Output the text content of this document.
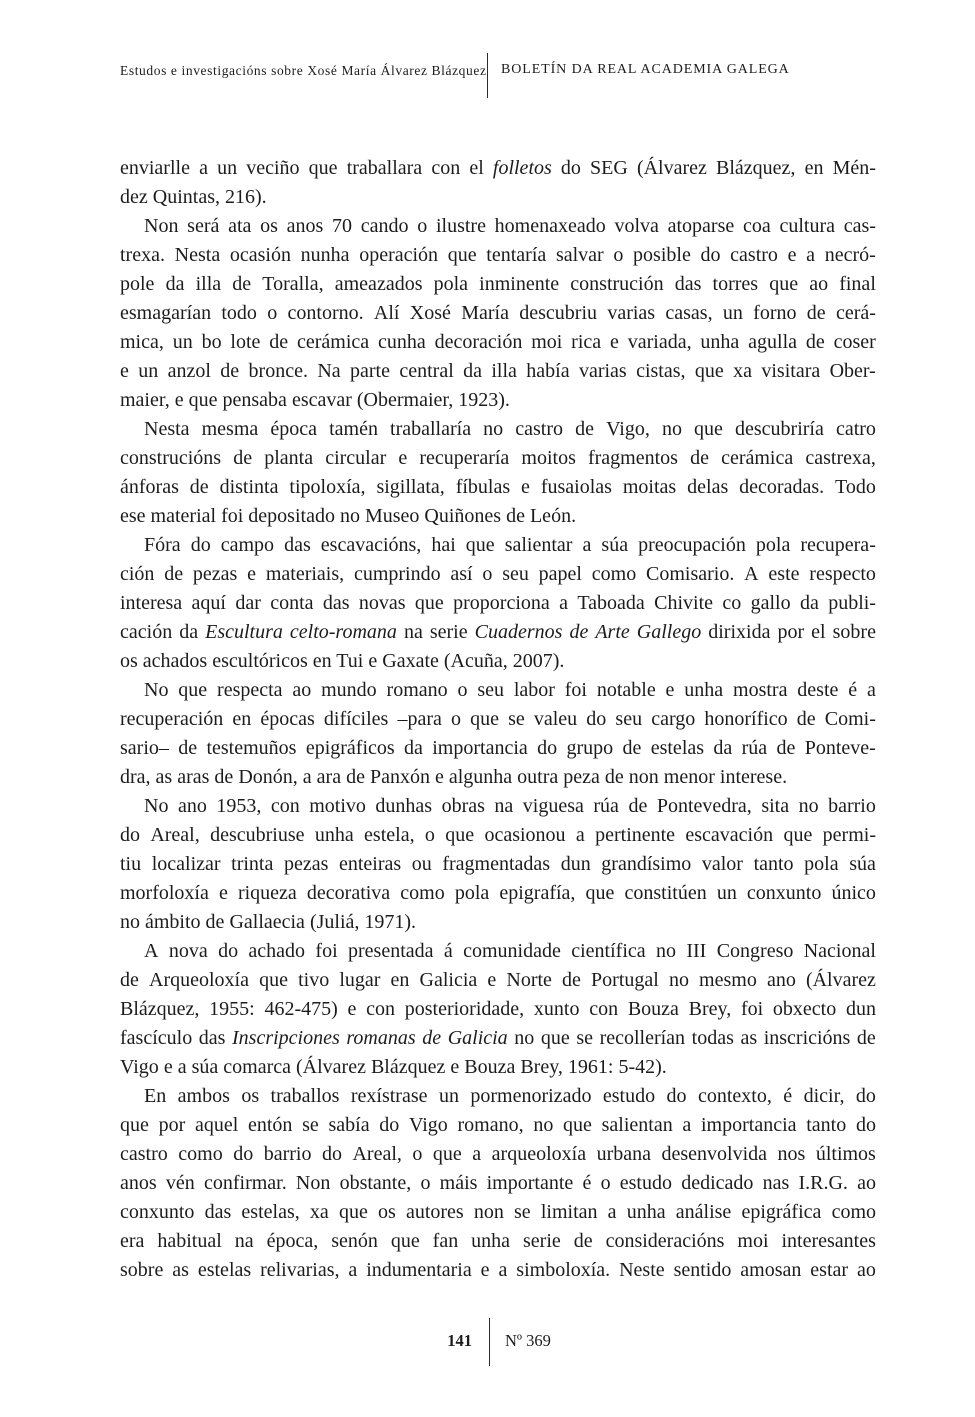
Estudos e investigacións sobre Xosé María Álvarez Blázquez BOLETÍN DA REAL ACADEMIA GALEGA
enviarlle a un veciño que traballara con el folletos do SEG (Álvarez Blázquez, en Mén-
dez Quintas, 216).
Non será ata os anos 70 cando o ilustre homenaxeado volva atoparse coa cultura cas-
trexa. Nesta ocasión nunha operación que tentaría salvar o posible do castro e a necró-
pole da illa de Toralla, ameazados pola inminente construción das torres que ao final
esmagarían todo o contorno. Alí Xosé María descubriu varias casas, un forno de cerá-
mica, un bo lote de cerámica cunha decoración moi rica e variada, unha agulla de coser
e un anzol de bronce. Na parte central da illa había varias cistas, que xa visitara Ober-
maier, e que pensaba escavar (Obermaier, 1923).
Nesta mesma época tamén traballaría no castro de Vigo, no que descubriría catro
construcións de planta circular e recuperaría moitos fragmentos de cerámica castrexa,
ánforas de distinta tipoloxía, sigillata, fíbulas e fusaiolas moitas delas decoradas. Todo
ese material foi depositado no Museo Quiñones de León.
Fóra do campo das escavacións, hai que salientar a súa preocupación pola recupera-
ción de pezas e materiais, cumprindo así o seu papel como Comisario. A este respecto
interesa aquí dar conta das novas que proporciona a Taboada Chivite co gallo da publi-
cación da Escultura celto-romana na serie Cuadernos de Arte Gallego dirixida por el sobre
os achados escultóricos en Tui e Gaxate (Acuña, 2007).
No que respecta ao mundo romano o seu labor foi notable e unha mostra deste é a
recuperación en épocas difíciles –para o que se valeu do seu cargo honorífico de Comi-
sario– de testemuños epigráficos da importancia do grupo de estelas da rúa de Ponteve-
dra, as aras de Donón, a ara de Panxón e algunha outra peza de non menor interese.
No ano 1953, con motivo dunhas obras na viguesa rúa de Pontevedra, sita no barrio
do Areal, descubriuse unha estela, o que ocasionou a pertinente escavación que permi-
tiu localizar trinta pezas enteiras ou fragmentadas dun grandísimo valor tanto pola súa
morfoloxía e riqueza decorativa como pola epigrafía, que constitúen un conxunto único
no ámbito de Gallaecia (Juliá, 1971).
A nova do achado foi presentada á comunidade científica no III Congreso Nacional
de Arqueoloxía que tivo lugar en Galicia e Norte de Portugal no mesmo ano (Álvarez
Blázquez, 1955: 462-475) e con posterioridade, xunto con Bouza Brey, foi obxecto dun
fascículo das Inscripciones romanas de Galicia no que se recollerían todas as inscricións de
Vigo e a súa comarca (Álvarez Blázquez e Bouza Brey, 1961: 5-42).
En ambos os traballos rexístrase un pormenorizado estudo do contexto, é dicir, do
que por aquel entón se sabía do Vigo romano, no que salientan a importancia tanto do
castro como do barrio do Areal, o que a arqueoloxía urbana desenvolvida nos últimos
anos vén confirmar. Non obstante, o máis importante é o estudo dedicado nas I.R.G. ao
conxunto das estelas, xa que os autores non se limitan a unha análise epigráfica como
era habitual na época, senón que fan unha serie de consideracións moi interesantes
sobre as estelas relivarias, a indumentaria e a simboloxía. Neste sentido amosan estar ao
141 Nº 369
